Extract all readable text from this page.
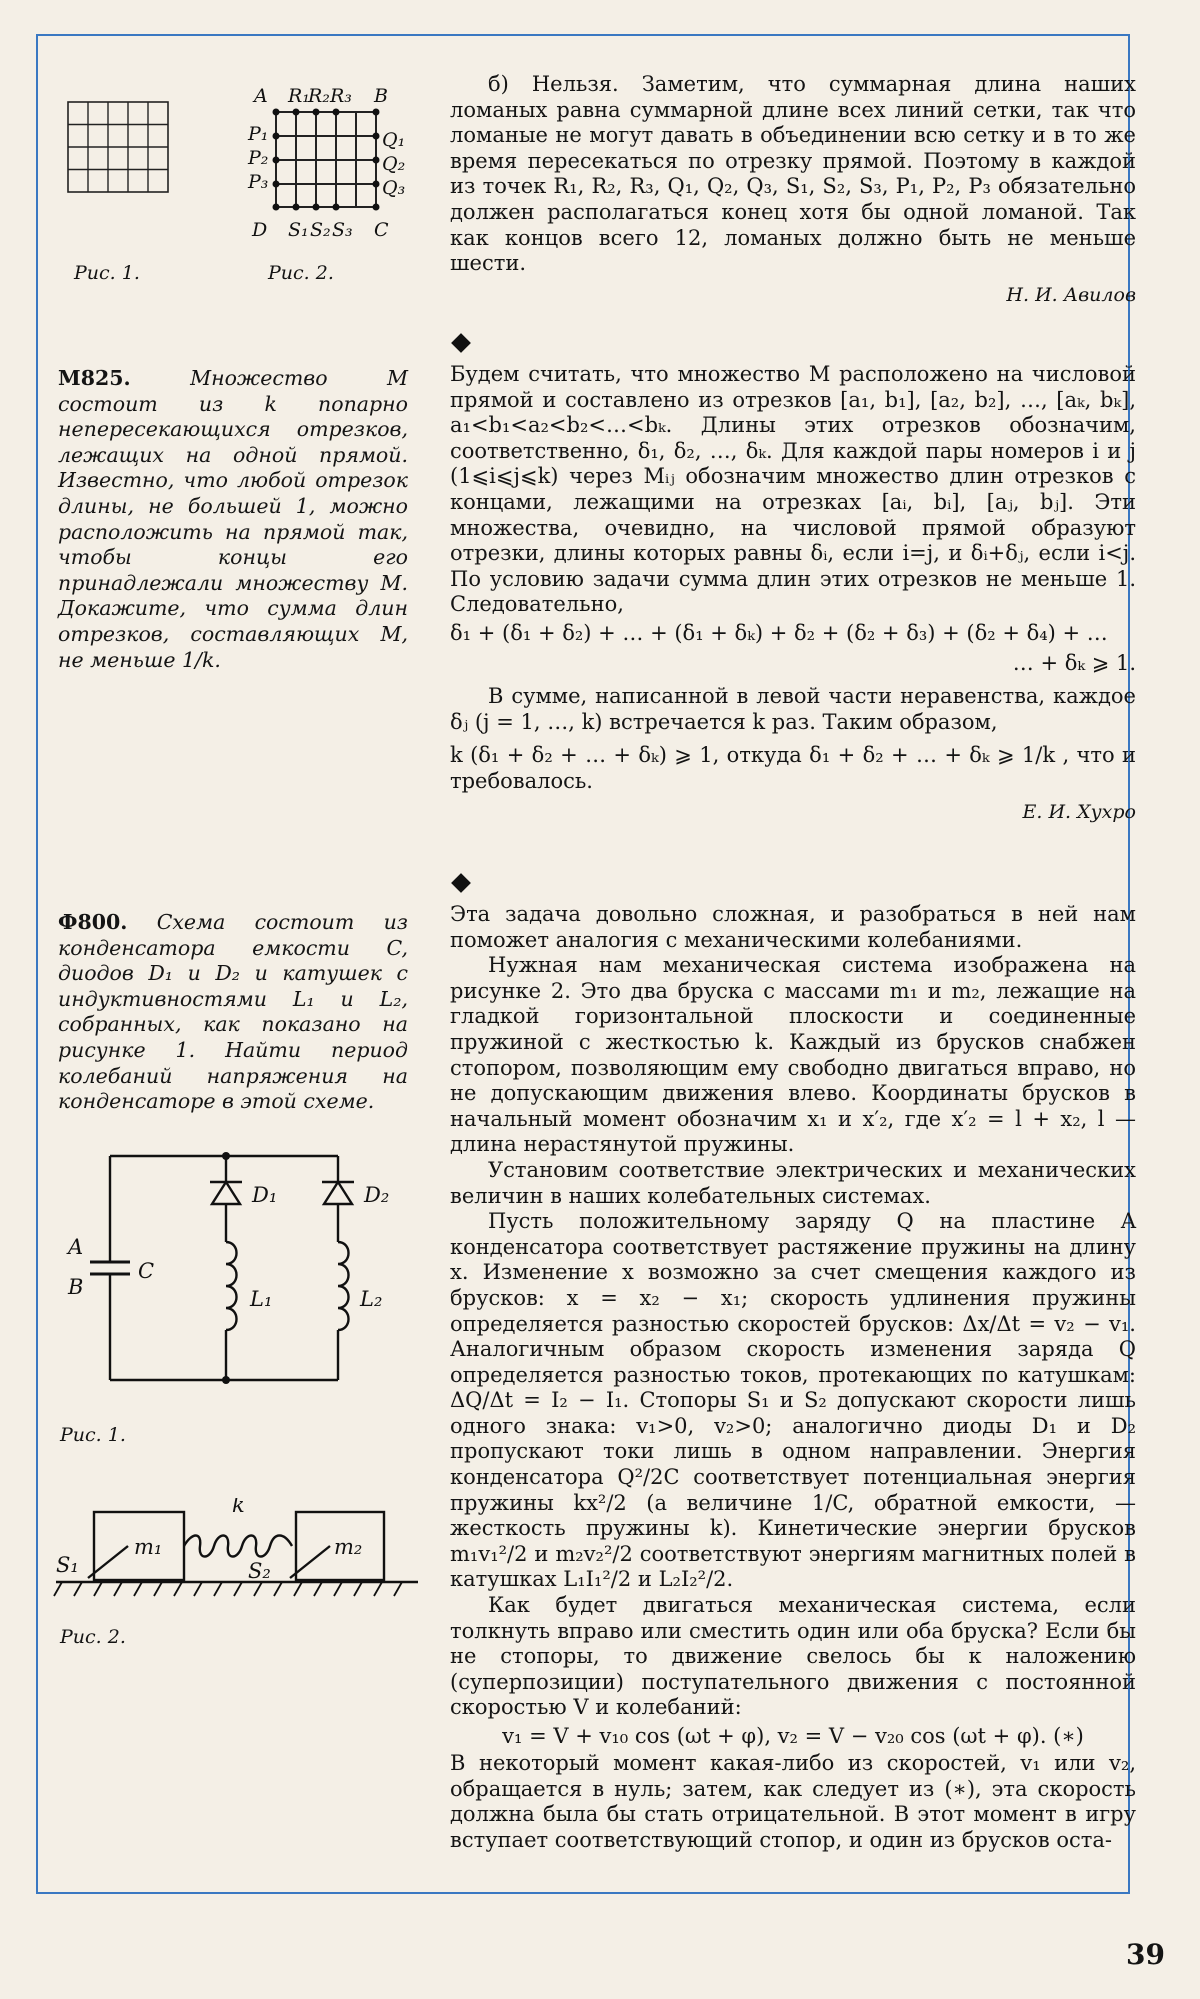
Рис. 1.
A R₁
R₂ R₃ B
P₁
P₂
P₃
Q₁
Q₂
Q₃
D S₁ S₂ S₃ C
Рис. 2.

б) Нельзя. Заметим, что суммарная длина наших ломаных равна суммарной длине всех линий сетки, так что ломаные не могут давать в объединении всю сетку и в то же время пересекаться по отрезку прямой. Поэтому в каждой из точек R₁, R₂, R₃, Q₁, Q₂, Q₃, S₁, S₂, S₃, P₁, P₂, P₃ обязательно должен располагаться конец хотя бы одной ломаной. Так как концов всего 12, ломаных должно быть не меньше шести.

Н. И. Авилов
М825.	Множество M состоит из k попарно непересекающихся отрезков, лежащих на одной прямой. Известно, что любой отрезок длины, не большей 1, можно расположить на прямой так, чтобы концы его принадлежали множеству M. Докажите, что сумма длин отрезков, составляющих M, не меньше 1/k.

Будем считать, что множество M расположено на числовой прямой и составлено из отрезков [a₁, b₁], [a₂, b₂], …, [aₖ, bₖ], a₁<b₁<a₂<b₂<…<bₖ. Длины этих отрезков обозначим, соответственно, δ₁, δ₂, …, δₖ. Для каждой пары номеров i и j (1⩽i⩽j⩽k) через Mᵢⱼ обозначим множество длин отрезков с концами, лежащими на отрезках [aᵢ, bᵢ], [aⱼ, bⱼ]. Эти множества, очевидно, на числовой прямой образуют отрезки, длины которых равны δᵢ, если i=j, и δᵢ+δⱼ, если i<j. По условию задачи сумма длин этих отрезков не меньше 1. Следовательно,

δ₁ + (δ₁ + δ₂) + … + (δ₁ + δₖ) + δ₂ + (δ₂ + δ₃) + (δ₂ + δ₄) + …
… + δₖ ⩾ 1.

В сумме, написанной в левой части неравенства, каждое δⱼ (j = 1, …, k) встречается k раз. Таким образом,

k (δ₁ + δ₂ + … + δₖ) ⩾ 1, откуда δ₁ + δ₂ + … + δₖ ⩾ 1/k , что и требовалось.

Е. И. Хухро
Ф800. Схема состоит из конденсатора емкости C, диодов D₁ и D₂ и катушек с индуктивностями L₁ и L₂, собранных, как показано на рисунке 1. Найти период колебаний напряжения на конденсаторе в этой схеме.
A
B
C
D₁	D₂
L₁	L₂
Рис. 1.
k
m₁	m₂
S₁	S₂
Рис. 2.

Эта задача довольно сложная, и разобраться в ней нам поможет аналогия с механическими колебаниями.

Нужная нам механическая система изображена на рисунке 2. Это два бруска с массами m₁ и m₂, лежащие на гладкой горизонтальной плоскости и соединенные пружиной с жесткостью k. Каждый из брусков снабжен стопором, позволяющим ему свободно двигаться вправо, но не допускающим движения влево. Координаты брусков в начальный момент обозначим x₁ и x′₂, где x′₂ = l + x₂, l — длина нерастянутой пружины.

Установим соответствие электрических и механических величин в наших колебательных системах.

Пусть положительному заряду Q на пластине A конденсатора соответствует растяжение пружины на длину x. Изменение x возможно за счет смещения каждого из брусков: x = x₂ − x₁; скорость удлинения пружины определяется разностью скоростей брусков: Δx/Δt = v₂ − v₁. Аналогичным образом скорость изменения заряда Q определяется разностью токов, протекающих по катушкам: ΔQ/Δt = I₂ − I₁. Стопоры S₁ и S₂ допускают скорости лишь одного знака: v₁>0, v₂>0; аналогично диоды D₁ и D₂ пропускают токи лишь в одном направлении. Энергия конденсатора Q²/2C соответствует потенциальная энергия пружины kx²/2 (а величине 1/C, обратной емкости, — жесткость пружины k). Кинетические энергии брусков m₁v₁²/2 и m₂v₂²/2 соответствуют энергиям магнитных полей в катушках L₁I₁²/2 и L₂I₂²/2.

Как будет двигаться механическая система, если толкнуть вправо или сместить один или оба бруска? Если бы не стопоры, то движение свелось бы к наложению (суперпозиции) поступательного движения с постоянной скоростью V и колебаний:

v₁ = V + v₁₀ cos (ωt + φ), v₂ = V − v₂₀ cos (ωt + φ). (∗)

В некоторый момент какая-либо из скоростей, v₁ или v₂, обращается в нуль; затем, как следует из (∗), эта скорость должна была бы стать отрицательной. В этот момент в игру вступает соответствующий стопор, и один из брусков оста-

39
